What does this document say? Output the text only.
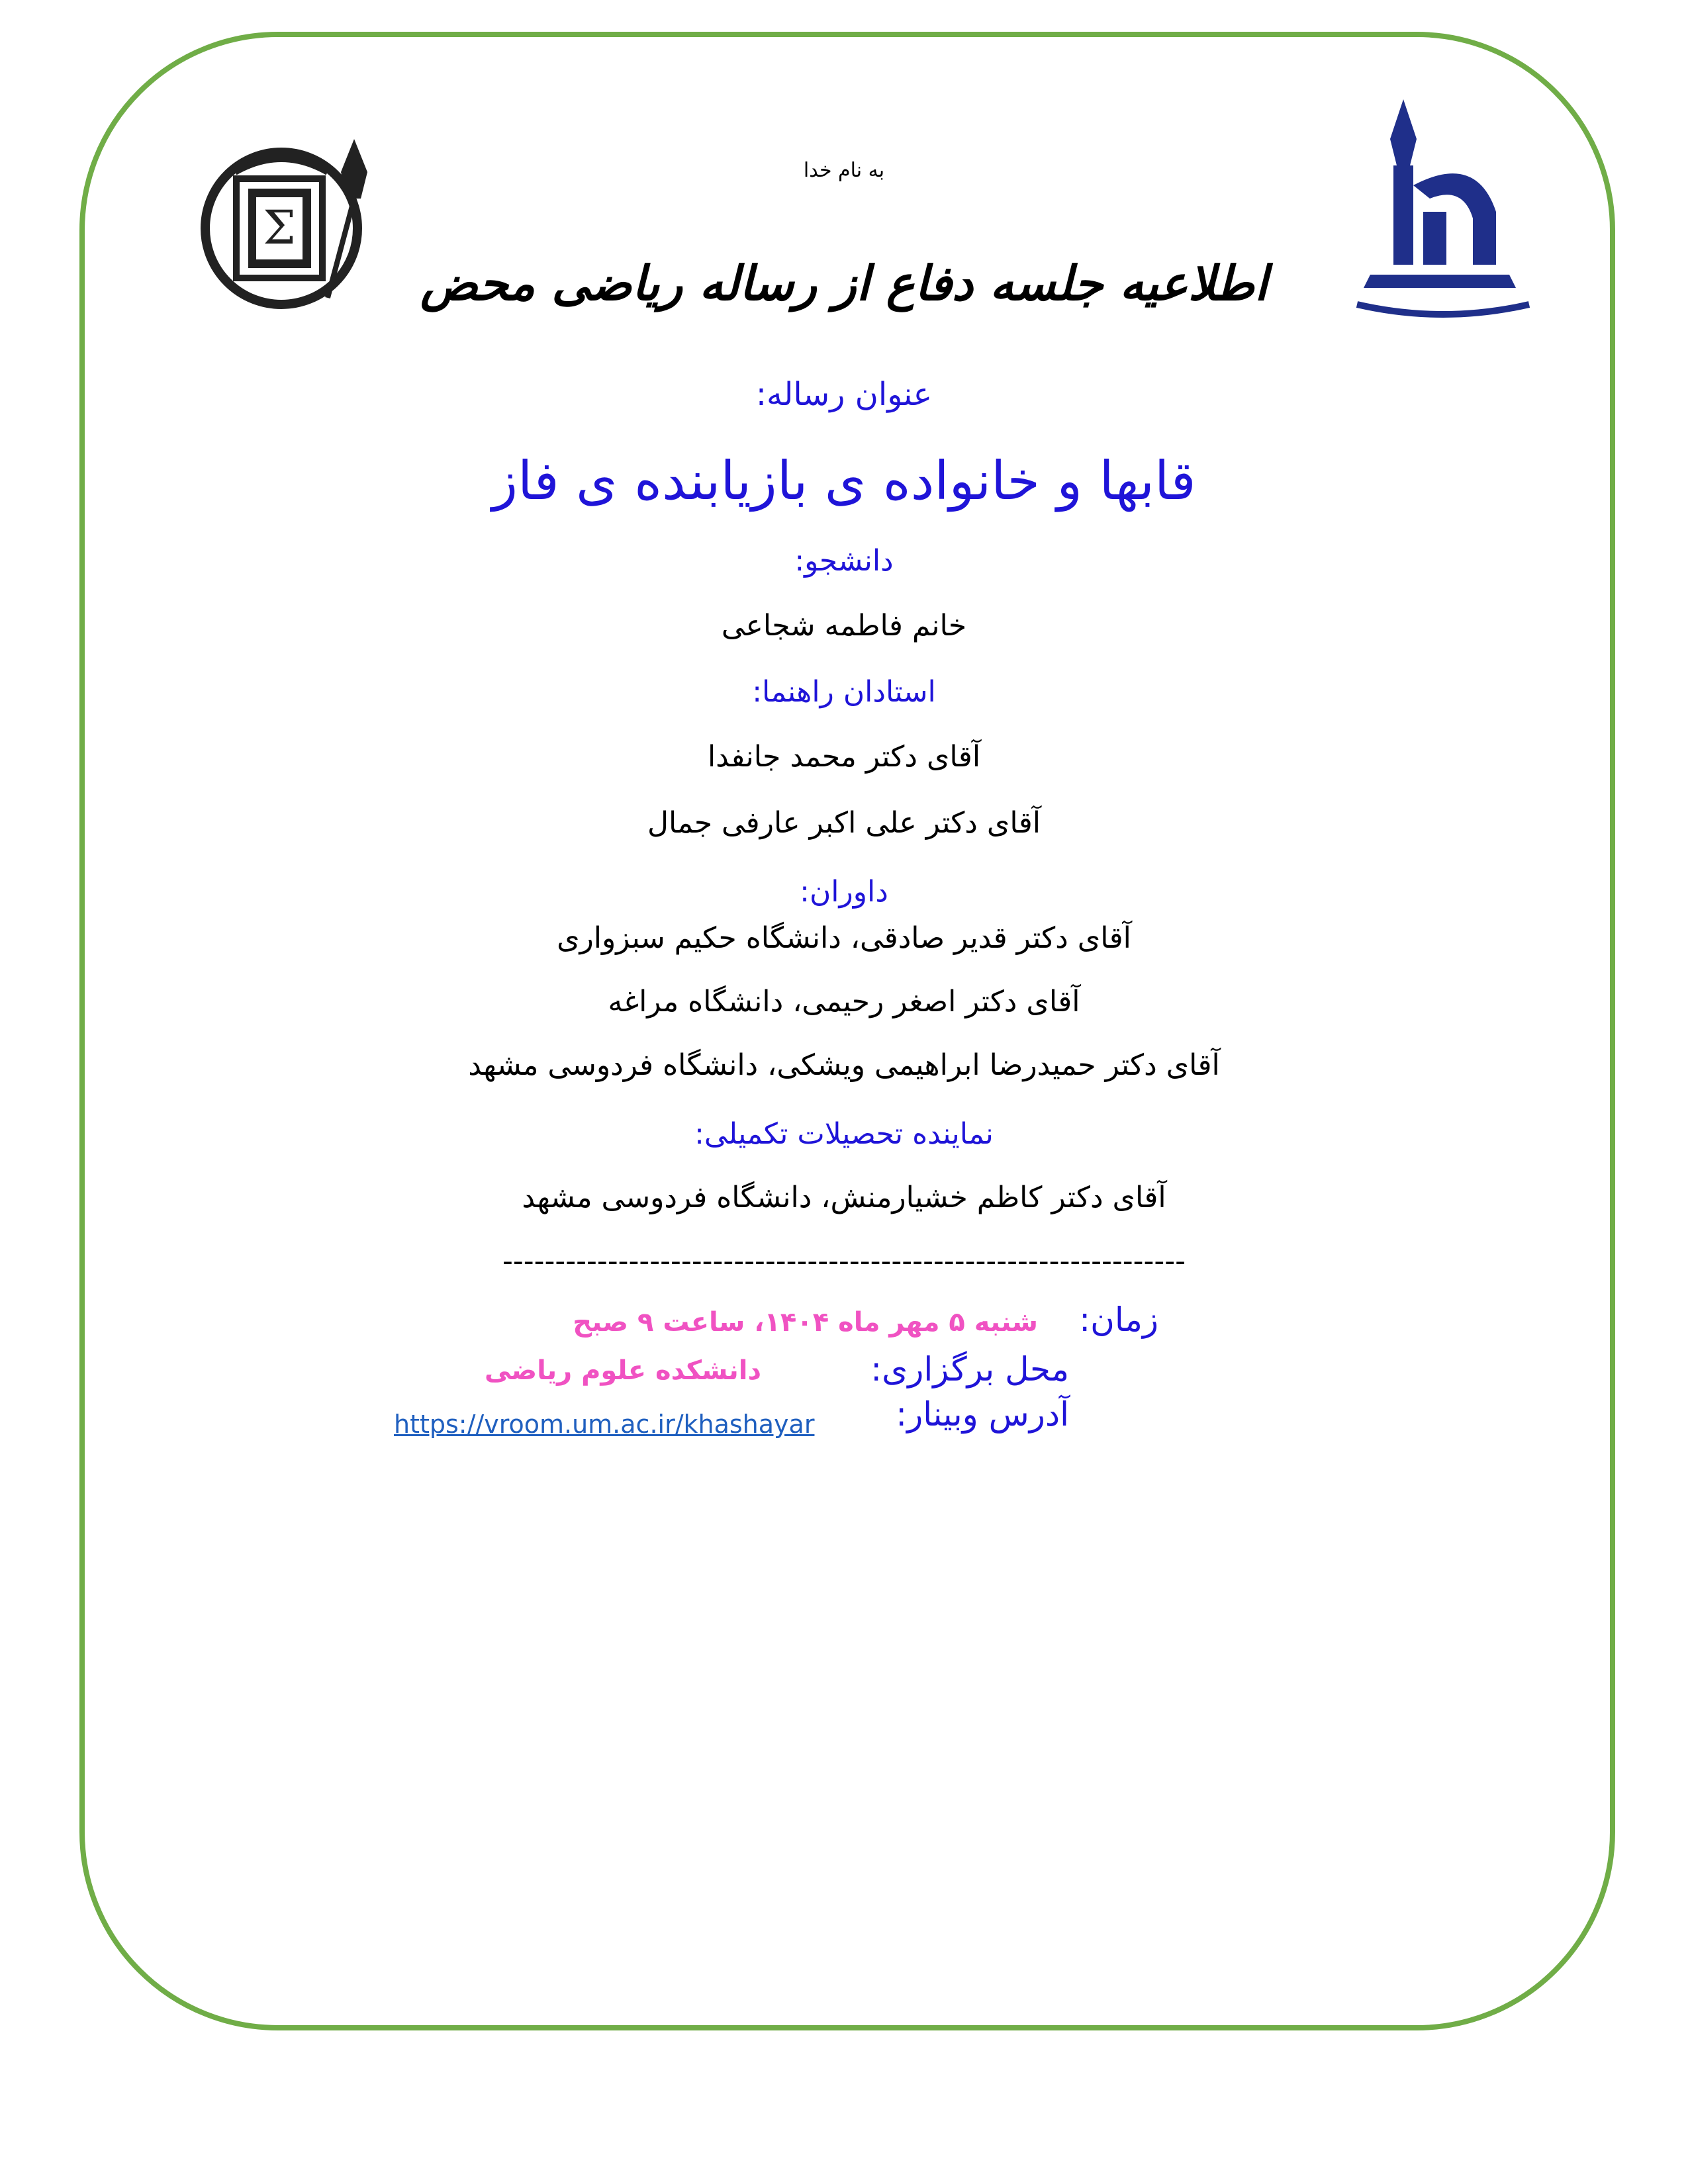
Σ
به نام خدا
اطلاعیه جلسه دفاع از رساله ریاضی محض
عنوان رساله:
قابها و خانواده ی بازیابنده ی فاز
دانشجو:
خانم فاطمه شجاعی
استادان راهنما:
آقای دکتر محمد جانفدا
آقای دکتر علی اکبر عارفی جمال
داوران:
آقای دکتر قدیر صادقی، دانشگاه حکیم سبزواری
آقای دکتر اصغر رحیمی، دانشگاه مراغه
آقای دکتر حمیدرضا ابراهیمی ویشکی، دانشگاه فردوسی مشهد
نماینده تحصیلات تکمیلی:
آقای دکتر کاظم خشیارمنش، دانشگاه فردوسی مشهد
-----------------------------------------------------------------
زمان:
شنبه ۵ مهر ماه ۱۴۰۴، ساعت ۹ صبح
محل برگزاری:
دانشکده علوم ریاضی
آدرس وبینار:
https://vroom.um.ac.ir/khashayar
